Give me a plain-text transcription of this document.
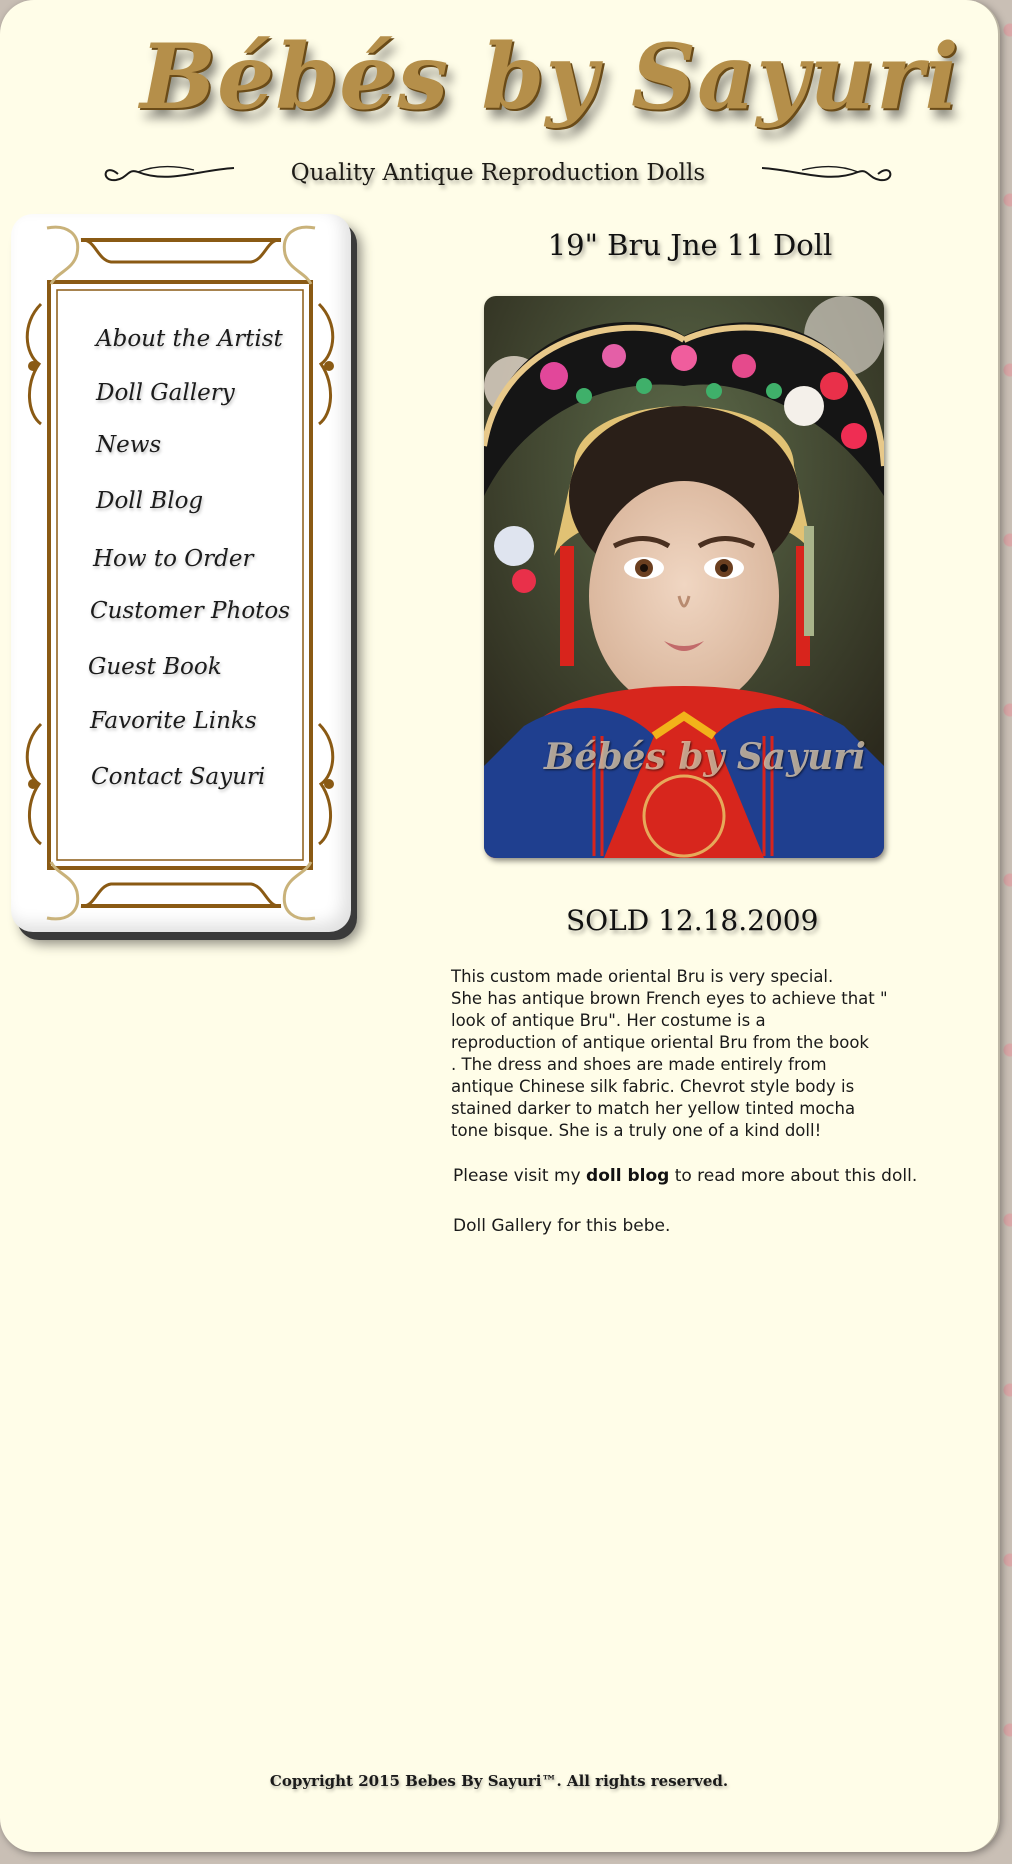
Bébés by Sayuri
Quality Antique Reproduction Dolls
About the Artist
Doll Gallery
News
Doll Blog
How to Order
Customer Photos
Guest Book
Favorite Links
Contact Sayuri
19" Bru Jne 11 Doll
Bébés by Sayuri
SOLD 12.18.2009
This custom made oriental Bru is very special.
She has antique brown French eyes to achieve that "
look of antique Bru". Her costume is a
reproduction of antique oriental Bru from the book
. The dress and shoes are made entirely from
antique Chinese silk fabric. Chevrot style body is
stained darker to match her yellow tinted mocha
tone bisque. She is a truly one of a kind doll!
Please visit my doll blog to read more about this doll.
Doll Gallery for this bebe.
Copyright 2015 Bebes By Sayuri™. All rights reserved.
